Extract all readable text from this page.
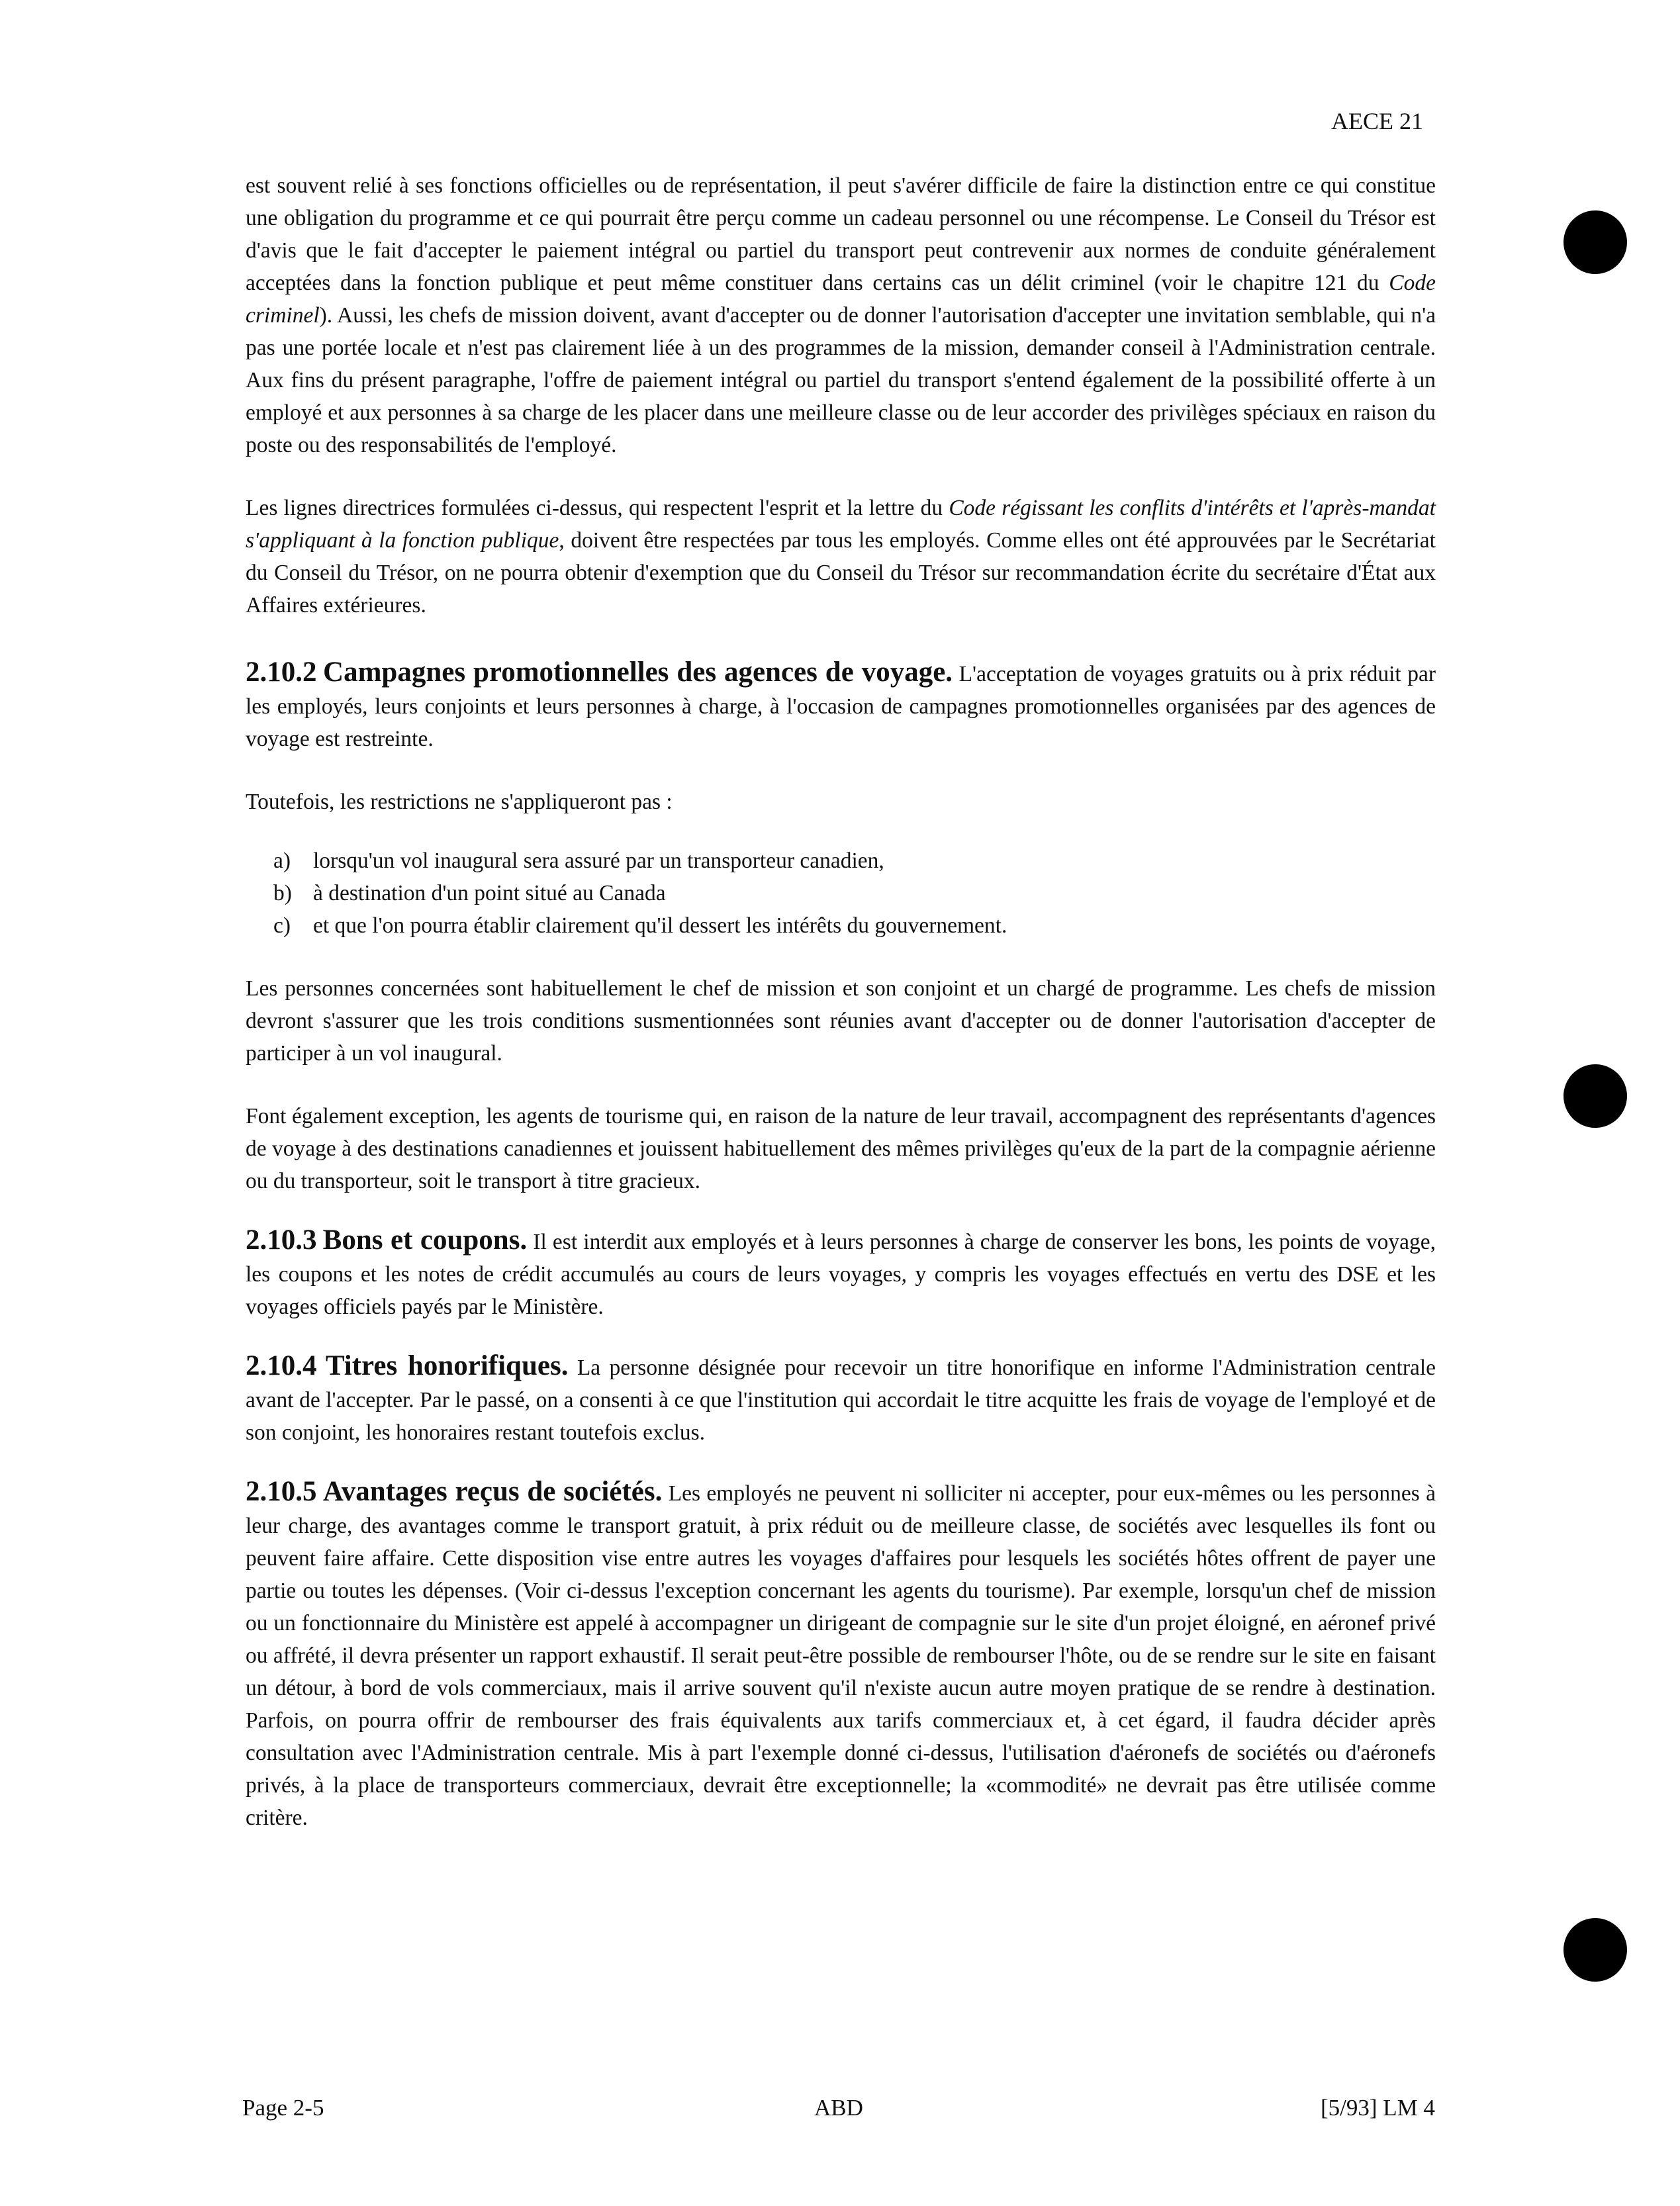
AECE 21

est souvent relié à ses fonctions officielles ou de représentation, il peut s'avérer difficile de faire la distinction entre ce qui constitue une obligation du programme et ce qui pourrait être perçu comme un cadeau personnel ou une récompense. Le Conseil du Trésor est d'avis que le fait d'accepter le paiement intégral ou partiel du transport peut contrevenir aux normes de conduite généralement acceptées dans la fonction publique et peut même constituer dans certains cas un délit criminel (voir le chapitre 121 du Code criminel). Aussi, les chefs de mission doivent, avant d'accepter ou de donner l'autorisation d'accepter une invitation semblable, qui n'a pas une portée locale et n'est pas clairement liée à un des programmes de la mission, demander conseil à l'Administration centrale. Aux fins du présent paragraphe, l'offre de paiement intégral ou partiel du transport s'entend également de la possibilité offerte à un employé et aux personnes à sa charge de les placer dans une meilleure classe ou de leur accorder des privilèges spéciaux en raison du poste ou des responsabilités de l'employé.

Les lignes directrices formulées ci-dessus, qui respectent l'esprit et la lettre du Code régissant les conflits d'intérêts et l'après-mandat s'appliquant à la fonction publique, doivent être respectées par tous les employés. Comme elles ont été approuvées par le Secrétariat du Conseil du Trésor, on ne pourra obtenir d'exemption que du Conseil du Trésor sur recommandation écrite du secrétaire d'État aux Affaires extérieures.

2.10.2 Campagnes promotionnelles des agences de voyage. L'acceptation de voyages gratuits ou à prix réduit par les employés, leurs conjoints et leurs personnes à charge, à l'occasion de campagnes promotionnelles organisées par des agences de voyage est restreinte.

Toutefois, les restrictions ne s'appliqueront pas :

a)	lorsqu'un vol inaugural sera assuré par un transporteur canadien,
b) à destination d'un point situé au Canada
c)	et que l'on pourra établir clairement qu'il dessert les intérêts du gouvernement.

Les personnes concernées sont habituellement le chef de mission et son conjoint et un chargé de programme. Les chefs de mission devront s'assurer que les trois conditions susmentionnées sont réunies avant d'accepter ou de donner l'autorisation d'accepter de participer à un vol inaugural.

Font également exception, les agents de tourisme qui, en raison de la nature de leur travail, accompagnent des représentants d'agences de voyage à des destinations canadiennes et jouissent habituellement des mêmes privilèges qu'eux de la part de la compagnie aérienne ou du transporteur, soit le transport à titre gracieux.

2.10.3 Bons et coupons. Il est interdit aux employés et à leurs personnes à charge de conserver les bons, les points de voyage, les coupons et les notes de crédit accumulés au cours de leurs voyages, y compris les voyages effectués en vertu des DSE et les voyages officiels payés par le Ministère.

2.10.4 Titres honorifiques. La personne désignée pour recevoir un titre honorifique en informe l'Administration centrale avant de l'accepter. Par le passé, on a consenti à ce que l'institution qui accordait le titre acquitte les frais de voyage de l'employé et de son conjoint, les honoraires restant toutefois exclus.

2.10.5 Avantages reçus de sociétés. Les employés ne peuvent ni solliciter ni accepter, pour eux-mêmes ou les personnes à leur charge, des avantages comme le transport gratuit, à prix réduit ou de meilleure classe, de sociétés avec lesquelles ils font ou peuvent faire affaire. Cette disposition vise entre autres les voyages d'affaires pour lesquels les sociétés hôtes offrent de payer une partie ou toutes les dépenses. (Voir ci-dessus l'exception concernant les agents du tourisme). Par exemple, lorsqu'un chef de mission ou un fonctionnaire du Ministère est appelé à accompagner un dirigeant de compagnie sur le site d'un projet éloigné, en aéronef privé ou affrété, il devra présenter un rapport exhaustif. Il serait peut-être possible de rembourser l'hôte, ou de se rendre sur le site en faisant un détour, à bord de vols commerciaux, mais il arrive souvent qu'il n'existe aucun autre moyen pratique de se rendre à destination. Parfois, on pourra offrir de rembourser des frais équivalents aux tarifs commerciaux et, à cet égard, il faudra décider après consultation avec l'Administration centrale. Mis à part l'exemple donné ci-dessus, l'utilisation d'aéronefs de sociétés ou d'aéronefs privés, à la place de transporteurs commerciaux, devrait être exceptionnelle; la «commodité» ne devrait pas être utilisée comme critère.

Page 2-5	ABD	[5/93] LM 4
